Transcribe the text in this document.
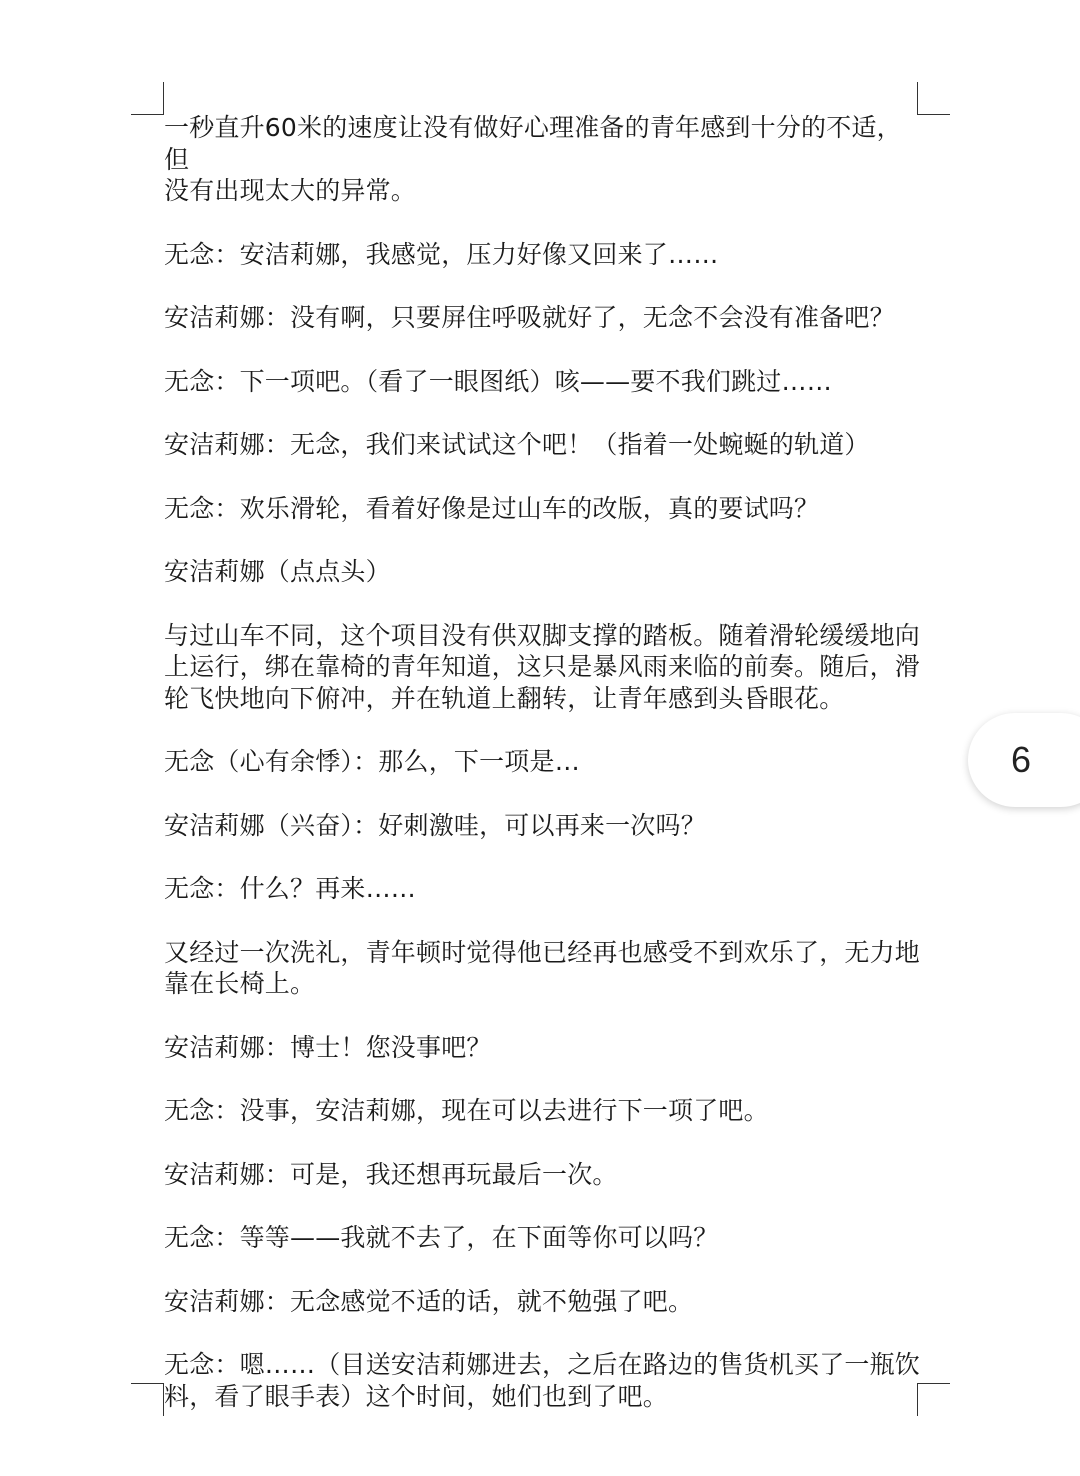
一秒直升60米的速度让没有做好心理准备的青年感到十分的不适，但
没有出现太大的异常。

无念：安洁莉娜，我感觉，压力好像又回来了……

安洁莉娜：没有啊，只要屏住呼吸就好了，无念不会没有准备吧？

无念：下一项吧。（看了一眼图纸）咳——要不我们跳过……

安洁莉娜：无念，我们来试试这个吧！（指着一处蜿蜒的轨道）

无念：欢乐滑轮，看着好像是过山车的改版，真的要试吗？

安洁莉娜（点点头）

与过山车不同，这个项目没有供双脚支撑的踏板。随着滑轮缓缓地向
上运行，绑在靠椅的青年知道，这只是暴风雨来临的前奏。随后，滑
轮飞快地向下俯冲，并在轨道上翻转，让青年感到头昏眼花。

无念（心有余悸）：那么，下一项是…

安洁莉娜（兴奋）：好刺激哇，可以再来一次吗？

无念：什么？再来……

又经过一次洗礼，青年顿时觉得他已经再也感受不到欢乐了，无力地
靠在长椅上。

安洁莉娜：博士！您没事吧？

无念：没事，安洁莉娜，现在可以去进行下一项了吧。

安洁莉娜：可是，我还想再玩最后一次。

无念：等等——我就不去了，在下面等你可以吗？

安洁莉娜：无念感觉不适的话，就不勉强了吧。

无念：嗯……（目送安洁莉娜进去，之后在路边的售货机买了一瓶饮
料，看了眼手表）这个时间，她们也到了吧。

6
